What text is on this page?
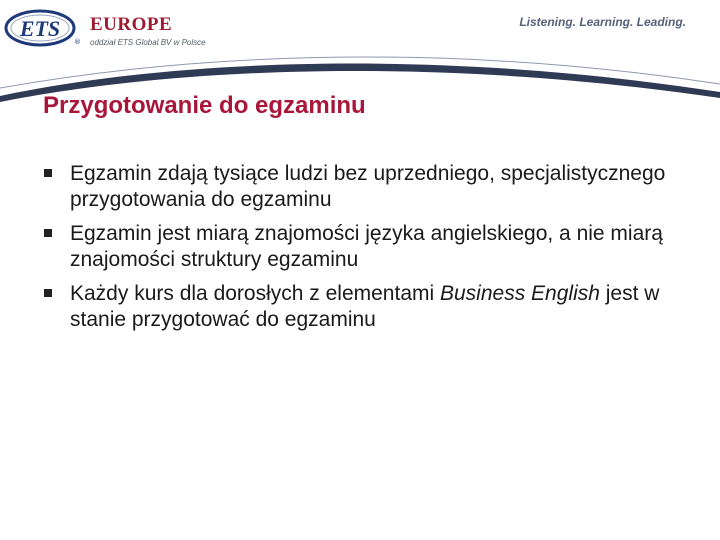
ETS
®
EUROPE
oddział ETS Global BV w Polsce
Listening. Learning. Leading.
Przygotowanie do egzaminu
Egzamin zdają tysiące ludzi bez uprzedniego, specjalistycznego przygotowania do egzaminu
Egzamin jest miarą znajomości języka angielskiego, a nie miarą znajomości struktury egzaminu
Każdy kurs dla dorosłych z elementami Business English jest w stanie przygotować do egzaminu
